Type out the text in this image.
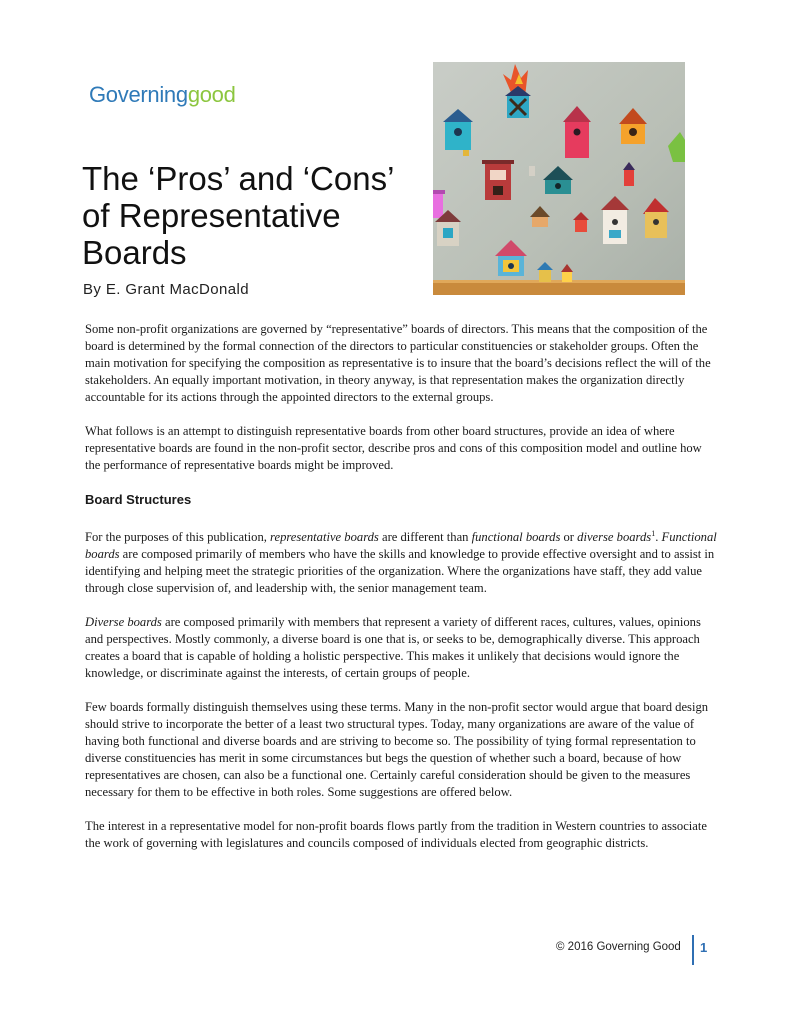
Governinggood
The ‘Pros’ and ‘Cons’
of Representative
Boards
By E. Grant MacDonald

Some non-profit organizations are governed by “representative” boards of directors. This means that the composition of the board is determined by the formal connection of the directors to particular constituencies or stakeholder groups. Often the main motivation for specifying the composition as representative is to insure that the board’s decisions reflect the will of the stakeholders. An equally important motivation, in theory anyway, is that representation makes the organization directly accountable for its actions through the appointed directors to the external groups.

What follows is an attempt to distinguish representative boards from other board structures, provide an idea of where representative boards are found in the non-profit sector, describe pros and cons of this composition model and outline how the performance of representative boards might be improved.

Board Structures

For the purposes of this publication, representative boards are different than functional boards or diverse boards$^1$. Functional boards are composed primarily of members who have the skills and knowledge to provide effective oversight and to assist in identifying and helping meet the strategic priorities of the organization. Where the organizations have staff, they add value through close supervision of, and leadership with, the senior management team.

Diverse boards are composed primarily with members that represent a variety of different races, cultures, values, opinions and perspectives. Mostly commonly, a diverse board is one that is, or seeks to be, demographically diverse. This approach creates a board that is capable of holding a holistic perspective. This makes it unlikely that decisions would ignore the knowledge, or discriminate against the interests, of certain groups of people.

Few boards formally distinguish themselves using these terms. Many in the non-profit sector would argue that board design should strive to incorporate the better of a least two structural types. Today, many organizations are aware of the value of having both functional and diverse boards and are striving to become so. The possibility of tying formal representation to diverse constituencies has merit in some circumstances but begs the question of whether such a board, because of how representatives are chosen, can also be a functional one. Certainly careful consideration should be given to the measures necessary for them to be effective in both roles. Some suggestions are offered below.

The interest in a representative model for non-profit boards flows partly from the tradition in Western countries to associate the work of governing with legislatures and councils composed of individuals elected from geographic districts.

© 2016 Governing Good 1
